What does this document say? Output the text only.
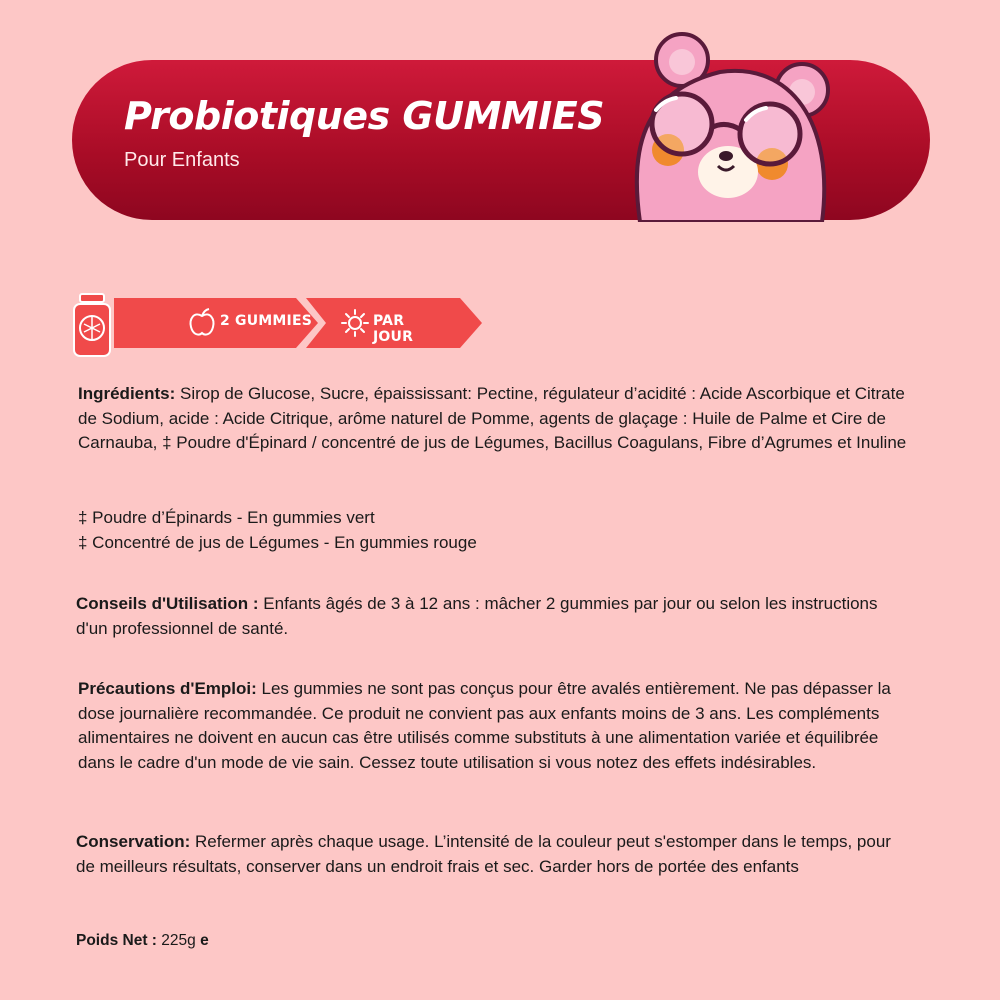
Probiotiques GUMMIES
Pour Enfants
2 GUMMIES	PAR JOUR
Ingrédients: Sirop de Glucose, Sucre, épaississant: Pectine, régulateur d’acidité : Acide Ascorbique et Citrate de Sodium, acide : Acide Citrique, arôme naturel de Pomme, agents de glaçage : Huile de Palme et Cire de Carnauba, ‡ Poudre d'Épinard / concentré de jus de Légumes, Bacillus Coagulans, Fibre d’Agrumes et Inuline
‡ Poudre d’Épinards - En gummies vert
‡ Concentré de jus de Légumes - En gummies rouge
Conseils d'Utilisation : Enfants âgés de 3 à 12 ans : mâcher 2 gummies par jour ou selon les instructions d'un professionnel de santé.
Précautions d'Emploi: Les gummies ne sont pas conçus pour être avalés entièrement. Ne pas dépasser la dose journalière recommandée. Ce produit ne convient pas aux enfants moins de 3 ans. Les compléments alimentaires ne doivent en aucun cas être utilisés comme substituts à une alimentation variée et équilibrée dans le cadre d'un mode de vie sain. Cessez toute utilisation si vous notez des effets indésirables.
Conservation: Refermer après chaque usage. L’intensité de la couleur peut s'estomper dans le temps, pour de meilleurs résultats, conserver dans un endroit frais et sec. Garder hors de portée des enfants
Poids Net : 225g e
